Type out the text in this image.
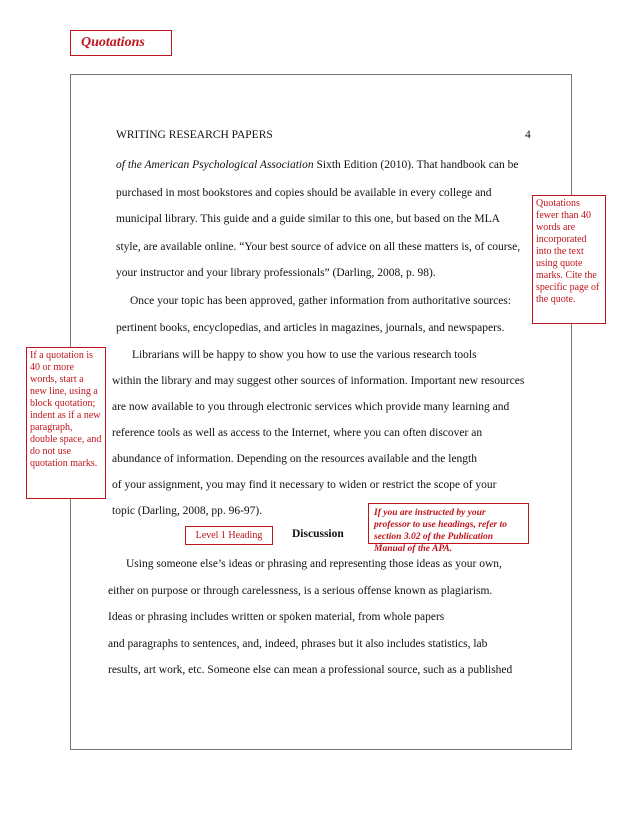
Quotations
WRITING RESEARCH PAPERS	4
of the American Psychological Association Sixth Edition (2010). That handbook can be
purchased in most bookstores and copies should be available in every college and
municipal library. This guide and a guide similar to this one, but based on the MLA
style, are available online. “Your best source of advice on all these matters is, of course,
your instructor and your library professionals” (Darling, 2008, p. 98).
Once your topic has been approved, gather information from authoritative sources:
pertinent books, encyclopedias, and articles in magazines, journals, and newspapers.
Librarians will be happy to show you how to use the various research tools
within the library and may suggest other sources of information. Important new resources
are now available to you through electronic services which provide many learning and
reference tools as well as access to the Internet, where you can often discover an
abundance of information. Depending on the resources available and the length
of your assignment, you may find it necessary to widen or restrict the scope of your
topic (Darling, 2008, pp. 96-97).
Level 1 Heading	Discussion
Using someone else’s ideas or phrasing and representing those ideas as your own,
either on purpose or through carelessness, is a serious offense known as plagiarism.
Ideas or phrasing includes written or spoken material, from whole papers
and paragraphs to sentences, and, indeed, phrases but it also includes statistics, lab
results, art work, etc. Someone else can mean a professional source, such as a published
Quotations fewer than 40 words are incorporated into the text using quote marks. Cite the specific page of the quote.
If a quotation is 40 or more words, start a new line, using a block quotation; indent as if a new paragraph, double space, and do not use quotation marks.
If you are instructed by your professor to use headings, refer to section 3.02 of the Publication Manual of the APA.
